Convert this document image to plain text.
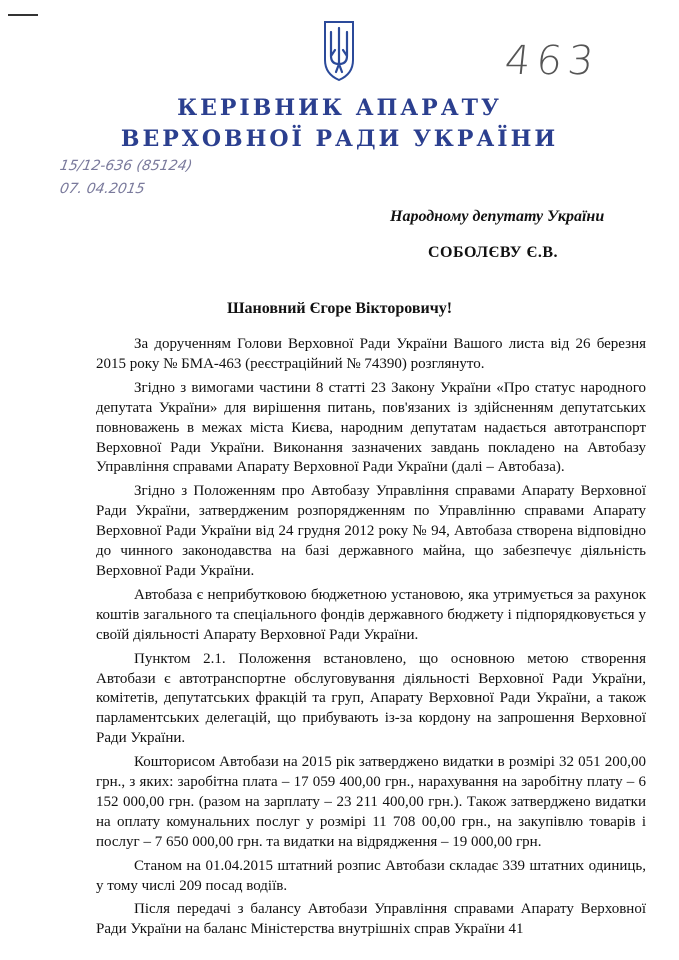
463
КЕРІВНИК АПАРАТУ
ВЕРХОВНОЇ РАДИ УКРАЇНИ
15/12-636 (85124)
07. 04.2015
Народному депутату України
СОБОЛЄВУ Є.В.
Шановний Єгоре Вікторовичу!

За дорученням Голови Верховної Ради України Вашого листа від 26 березня 2015 року № БМА-463 (реєстраційний № 74390) розглянуто.

Згідно з вимогами частини 8 статті 23 Закону України «Про статус народного депутата України» для вирішення питань, пов'язаних із здійсненням депутатських повноважень в межах міста Києва, народним депутатам надається автотранспорт Верховної Ради України. Виконання зазначених завдань покладено на Автобазу Управління справами Апарату Верховної Ради України (далі – Автобаза).

Згідно з Положенням про Автобазу Управління справами Апарату Верховної Ради України, затвердженим розпорядженням по Управлінню справами Апарату Верховної Ради України від 24 грудня 2012 року № 94, Автобаза створена відповідно до чинного законодавства на базі державного майна, що забезпечує діяльність Верховної Ради України.

Автобаза є неприбутковою бюджетною установою, яка утримується за рахунок коштів загального та спеціального фондів державного бюджету і підпорядковується у своїй діяльності Апарату Верховної Ради України.

Пунктом 2.1. Положення встановлено, що основною метою створення Автобази є автотранспортне обслуговування діяльності Верховної Ради України, комітетів, депутатських фракцій та груп, Апарату Верховної Ради України, а також парламентських делегацій, що прибувають із-за кордону на запрошення Верховної Ради України.

Кошторисом Автобази на 2015 рік затверджено видатки в розмірі 32 051 200,00 грн., з яких: заробітна плата – 17 059 400,00 грн., нарахування на заробітну плату – 6 152 000,00 грн. (разом на зарплату – 23 211 400,00 грн.). Також затверджено видатки на оплату комунальних послуг у розмірі 11 708 00,00 грн., на закупівлю товарів і послуг – 7 650 000,00 грн. та видатки на відрядження – 19 000,00 грн.

Станом на 01.04.2015 штатний розпис Автобази складає 339 штатних одиниць, у тому числі 209 посад водіїв.

Після передачі з балансу Автобази Управління справами Апарату Верховної Ради України на баланс Міністерства внутрішніх справ України 41
